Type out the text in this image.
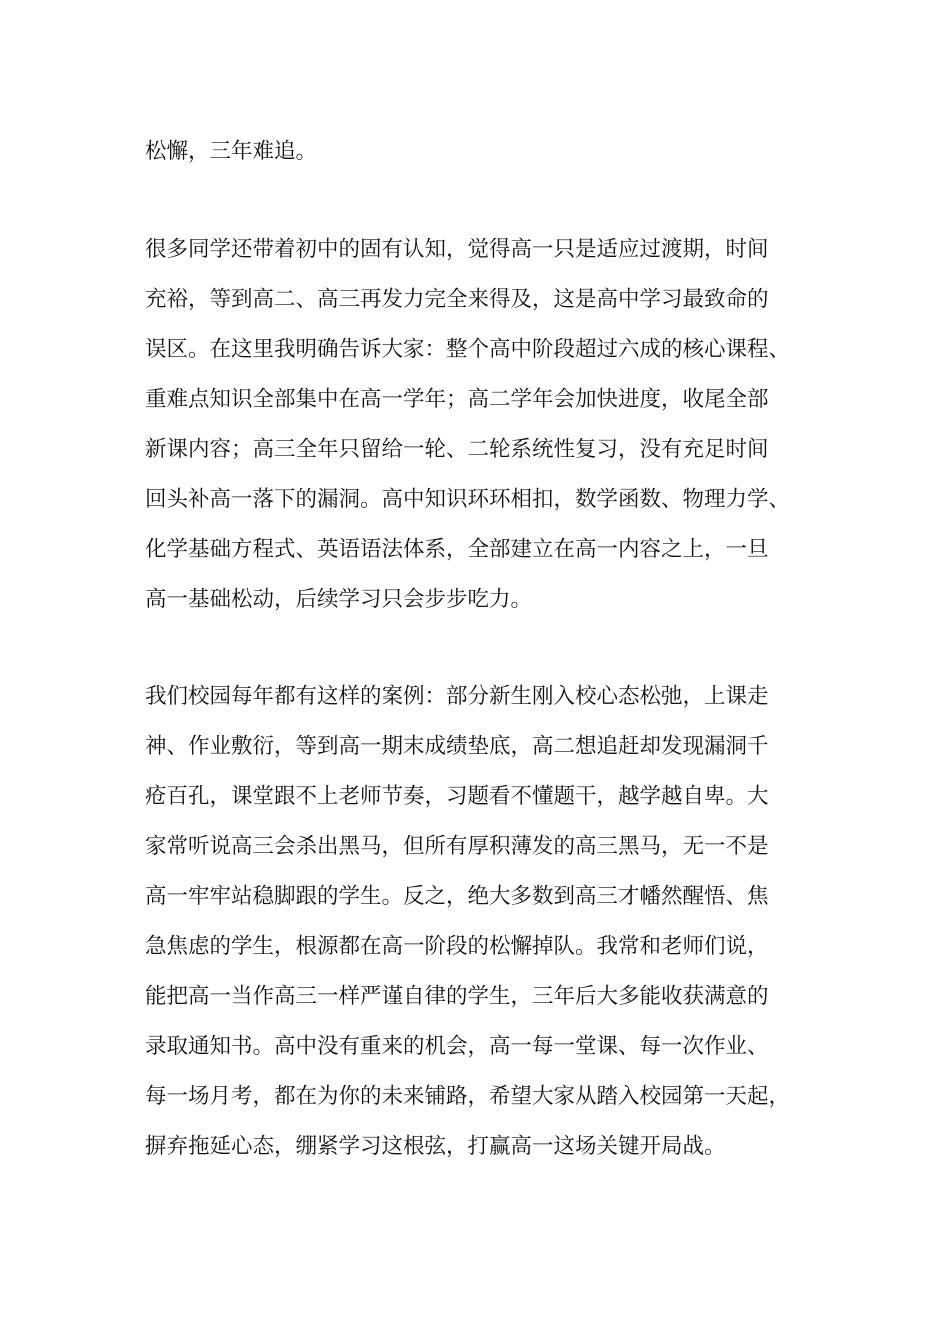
松懈，三年难追。

很多同学还带着初中的固有认知，觉得高一只是适应过渡期，时间

充裕，等到高二、高三再发力完全来得及，这是高中学习最致命的

误区。在这里我明确告诉大家：整个高中阶段超过六成的核心课程、

重难点知识全部集中在高一学年；高二学年会加快进度，收尾全部

新课内容；高三全年只留给一轮、二轮系统性复习，没有充足时间

回头补高一落下的漏洞。高中知识环环相扣，数学函数、物理力学、

化学基础方程式、英语语法体系，全部建立在高一内容之上，一旦

高一基础松动，后续学习只会步步吃力。

我们校园每年都有这样的案例：部分新生刚入校心态松弛，上课走

神、作业敷衍，等到高一期末成绩垫底，高二想追赶却发现漏洞千

疮百孔，课堂跟不上老师节奏，习题看不懂题干，越学越自卑。大

家常听说高三会杀出黑马，但所有厚积薄发的高三黑马，无一不是

高一牢牢站稳脚跟的学生。反之，绝大多数到高三才幡然醒悟、焦

急焦虑的学生，根源都在高一阶段的松懈掉队。我常和老师们说，

能把高一当作高三一样严谨自律的学生，三年后大多能收获满意的

录取通知书。高中没有重来的机会，高一每一堂课、每一次作业、

每一场月考，都在为你的未来铺路，希望大家从踏入校园第一天起，

摒弃拖延心态，绷紧学习这根弦，打赢高一这场关键开局战。
